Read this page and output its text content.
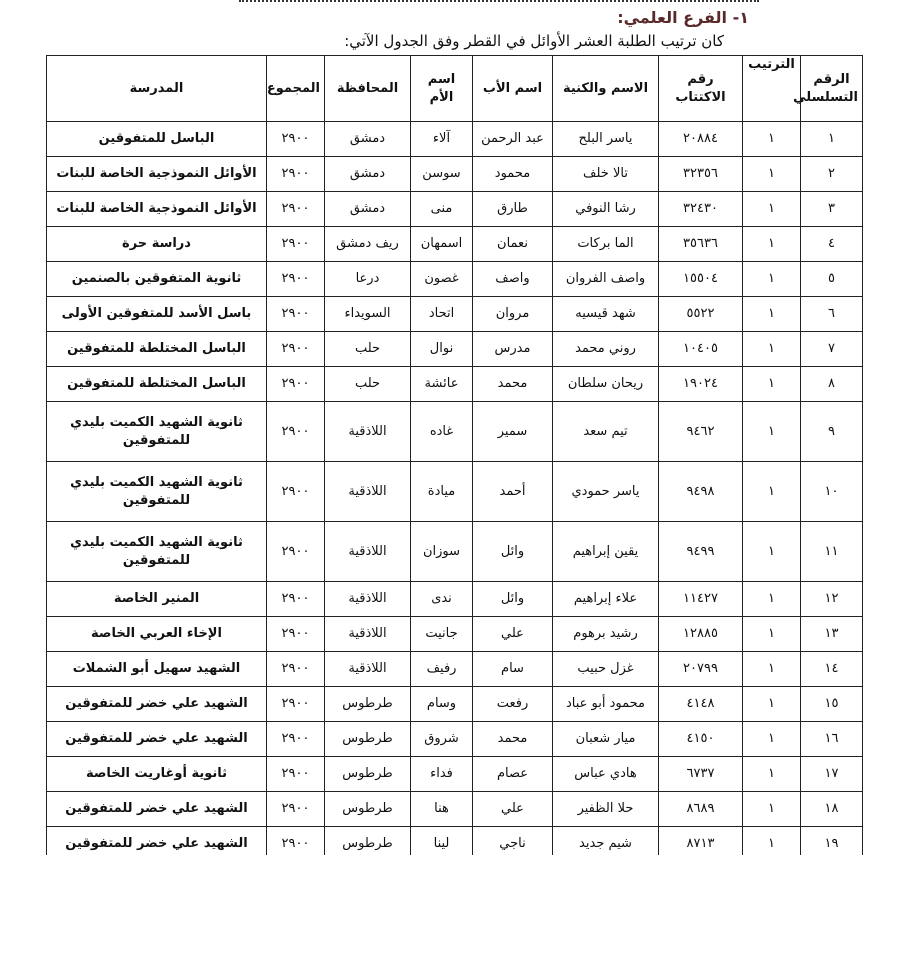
١- الفرع العلمي:
كان ترتيب الطلبة العشر الأوائل في القطر وفق الجدول الآتي:
الرقم التسلسلي	الترتيب	رقم الاكتتاب	الاسم والكنية	اسم الأب	اسم الأم	المحافظة	المجموع	المدرسة
١	١	٢٠٨٨٤	ياسر البلح	عبد الرحمن	آلاء	دمشق	٢٩٠٠	الباسل للمتفوقين
٢	١	٣٢٣٥٦	تالا خلف	محمود	سوسن	دمشق	٢٩٠٠	الأوائل النموذجية الخاصة للبنات
٣	١	٣٢٤٣٠	رشا النوفي	طارق	منى	دمشق	٢٩٠٠	الأوائل النموذجية الخاصة للبنات
٤	١	٣٥٦٣٦	الما بركات	نعمان	اسمهان	ريف دمشق	٢٩٠٠	دراسة حرة
٥	١	١٥٥٠٤	واصف الفروان	واصف	غصون	درعا	٢٩٠٠	ثانوية المتفوقين بالصنمين
٦	١	٥٥٢٢	شهد قيسيه	مروان	اتحاد	السويداء	٢٩٠٠	باسل الأسد للمتفوقين الأولى
٧	١	١٠٤٠٥	روني محمد	مدرس	نوال	حلب	٢٩٠٠	الباسل المختلطة للمتفوقين
٨	١	١٩٠٢٤	ريحان سلطان	محمد	عائشة	حلب	٢٩٠٠	الباسل المختلطة للمتفوقين
٩	١	٩٤٦٢	تيم سعد	سمير	غاده	اللاذقية	٢٩٠٠	ثانوية الشهيد الكميت بليدي للمتفوقين
١٠	١	٩٤٩٨	ياسر حمودي	أحمد	ميادة	اللاذقية	٢٩٠٠	ثانوية الشهيد الكميت بليدي للمتفوقين
١١	١	٩٤٩٩	يقين إبراهيم	وائل	سوزان	اللاذقية	٢٩٠٠	ثانوية الشهيد الكميت بليدي للمتفوقين
١٢	١	١١٤٢٧	علاء إبراهيم	وائل	ندى	اللاذقية	٢٩٠٠	المنير الخاصة
١٣	١	١٢٨٨٥	رشيد برهوم	علي	جانيت	اللاذقية	٢٩٠٠	الإخاء العربي الخاصة
١٤	١	٢٠٧٩٩	غزل حبيب	سام	رفيف	اللاذقية	٢٩٠٠	الشهيد سهيل أبو الشملات
١٥	١	٤١٤٨	محمود أبو عباد	رفعت	وسام	طرطوس	٢٩٠٠	الشهيد علي خضر للمتفوقين
١٦	١	٤١٥٠	ميار شعبان	محمد	شروق	طرطوس	٢٩٠٠	الشهيد علي خضر للمتفوقين
١٧	١	٦٧٣٧	هادي عباس	عصام	فداء	طرطوس	٢٩٠٠	ثانوية أوغاريت الخاصة
١٨	١	٨٦٨٩	حلا الظفير	علي	هنا	طرطوس	٢٩٠٠	الشهيد علي خضر للمتفوقين
١٩	١	٨٧١٣	شيم جديد	ناجي	لينا	طرطوس	٢٩٠٠	الشهيد علي خضر للمتفوقين
